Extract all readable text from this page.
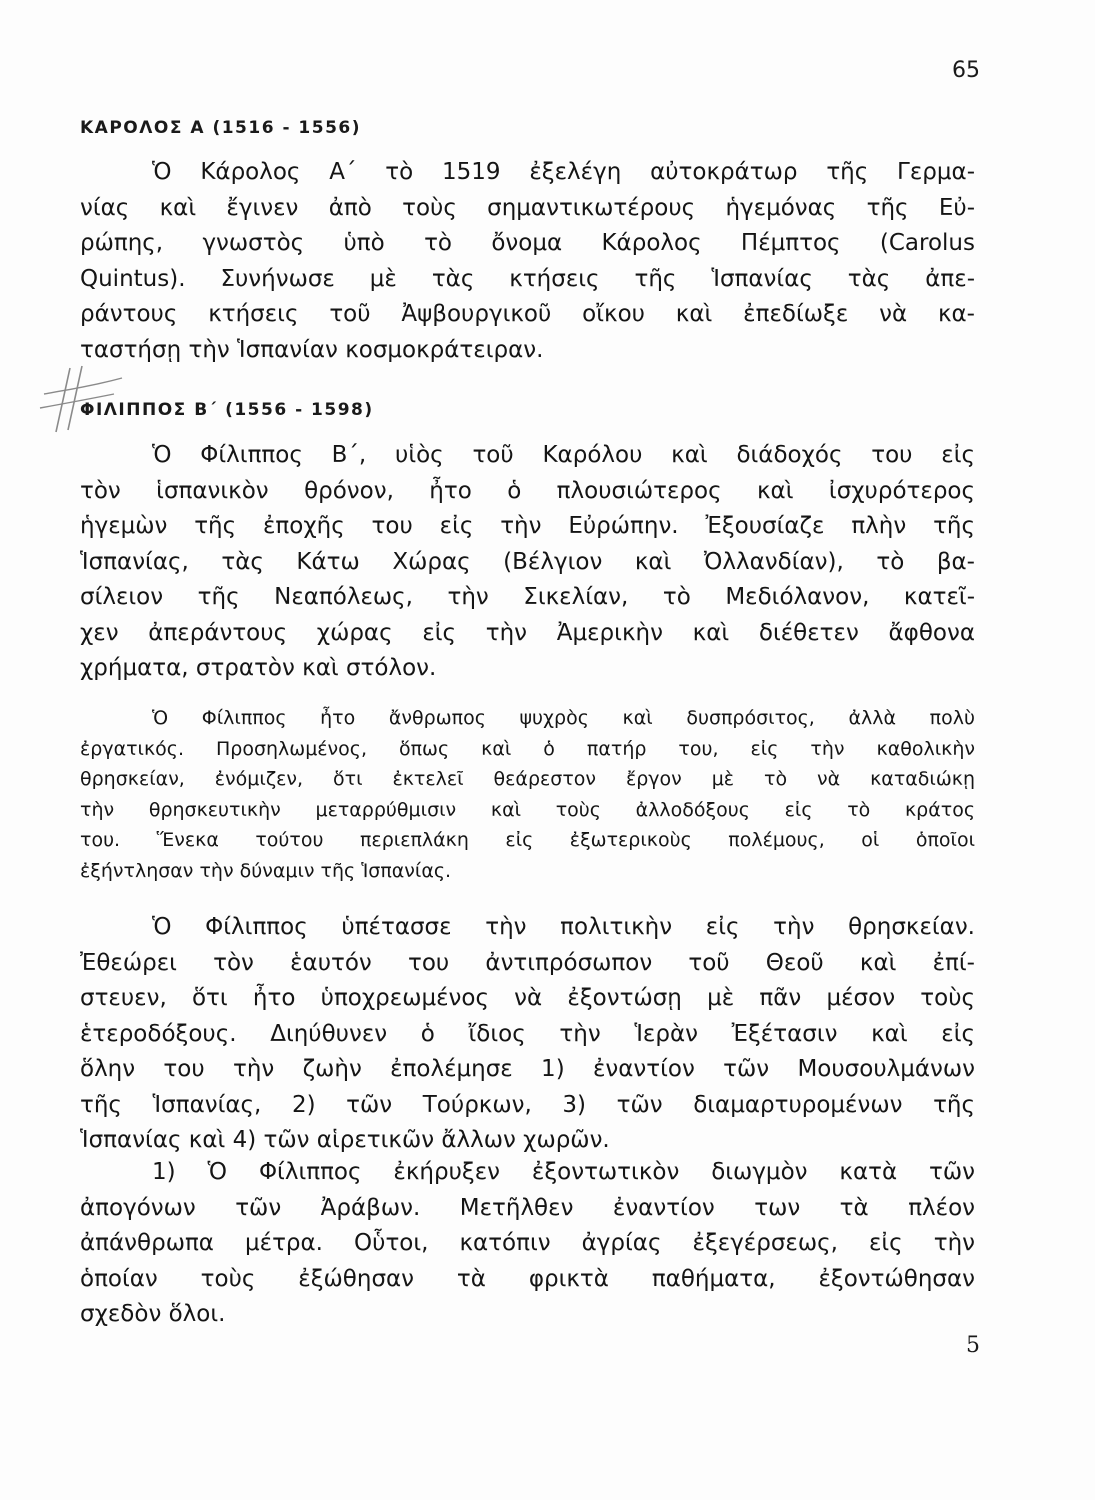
65
ΚΑΡΟΛΟΣ Α (1516 - 1556)
Ὁ Κάρολος Α΄ τὸ 1519 ἐξελέγη αὐτοκράτωρ τῆς Γερμα-
νίας καὶ ἔγινεν ἀπὸ τοὺς σημαντικωτέρους ἡγεμόνας τῆς Εὐ-
ρώπης, γνωστὸς ὑπὸ τὸ ὄνομα Κάρολος Πέμπτος (Carolus
Quintus). Συνήνωσε μὲ τὰς κτήσεις τῆς Ἱσπανίας τὰς ἀπε-
ράντους κτήσεις τοῦ Ἀψβουργικοῦ οἴκου καὶ ἐπεδίωξε νὰ κα-
ταστήσῃ τὴν Ἱσπανίαν κοσμοκράτειραν.
ΦΙΛΙΠΠΟΣ Β΄ (1556 - 1598)
Ὁ Φίλιππος Β΄, υἱὸς τοῦ Καρόλου καὶ διάδοχός του εἰς
τὸν ἱσπανικὸν θρόνον, ἦτο ὁ πλουσιώτερος καὶ ἰσχυρότερος
ἡγεμὼν τῆς ἐποχῆς του εἰς τὴν Εὐρώπην. Ἐξουσίαζε πλὴν τῆς
Ἱσπανίας, τὰς Κάτω Χώρας (Βέλγιον καὶ Ὀλλανδίαν), τὸ βα-
σίλειον τῆς Νεαπόλεως, τὴν Σικελίαν, τὸ Μεδιόλανον, κατεῖ-
χεν ἀπεράντους χώρας εἰς τὴν Ἀμερικὴν καὶ διέθετεν ἄφθονα
χρήματα, στρατὸν καὶ στόλον.
Ὁ Φίλιππος ἦτο ἄνθρωπος ψυχρὸς καὶ δυσπρόσιτος, ἀλλὰ πολὺ
ἐργατικός. Προσηλωμένος, ὅπως καὶ ὁ πατήρ του, εἰς τὴν καθολικὴν
θρησκείαν, ἐνόμιζεν, ὅτι ἐκτελεῖ θεάρεστον ἔργον μὲ τὸ νὰ καταδιώκῃ
τὴν θρησκευτικὴν μεταρρύθμισιν καὶ τοὺς ἀλλοδόξους εἰς τὸ κράτος
του. Ἕνεκα τούτου περιεπλάκη εἰς ἐξωτερικοὺς πολέμους, οἱ ὁποῖοι
ἐξήντλησαν τὴν δύναμιν τῆς Ἱσπανίας.
Ὁ Φίλιππος ὑπέτασσε τὴν πολιτικὴν εἰς τὴν θρησκείαν.
Ἐθεώρει τὸν ἑαυτόν του ἀντιπρόσωπον τοῦ Θεοῦ καὶ ἐπί-
στευεν, ὅτι ἦτο ὑποχρεωμένος νὰ ἐξοντώσῃ μὲ πᾶν μέσον τοὺς
ἑτεροδόξους. Διηύθυνεν ὁ ἴδιος τὴν Ἱερὰν Ἐξέτασιν καὶ εἰς
ὅλην του τὴν ζωὴν ἐπολέμησε 1) ἐναντίον τῶν Μουσουλμάνων
τῆς Ἱσπανίας, 2) τῶν Τούρκων, 3) τῶν διαμαρτυρομένων τῆς
Ἱσπανίας καὶ 4) τῶν αἱρετικῶν ἄλλων χωρῶν.
1) Ὁ Φίλιππος ἐκήρυξεν ἐξοντωτικὸν διωγμὸν κατὰ τῶν
ἀπογόνων τῶν Ἀράβων. Μετῆλθεν ἐναντίον των τὰ πλέον
ἀπάνθρωπα μέτρα. Οὗτοι, κατόπιν ἀγρίας ἐξεγέρσεως, εἰς τὴν
ὁποίαν τοὺς ἐξώθησαν τὰ φρικτὰ παθήματα, ἐξοντώθησαν
σχεδὸν ὅλοι.
5
